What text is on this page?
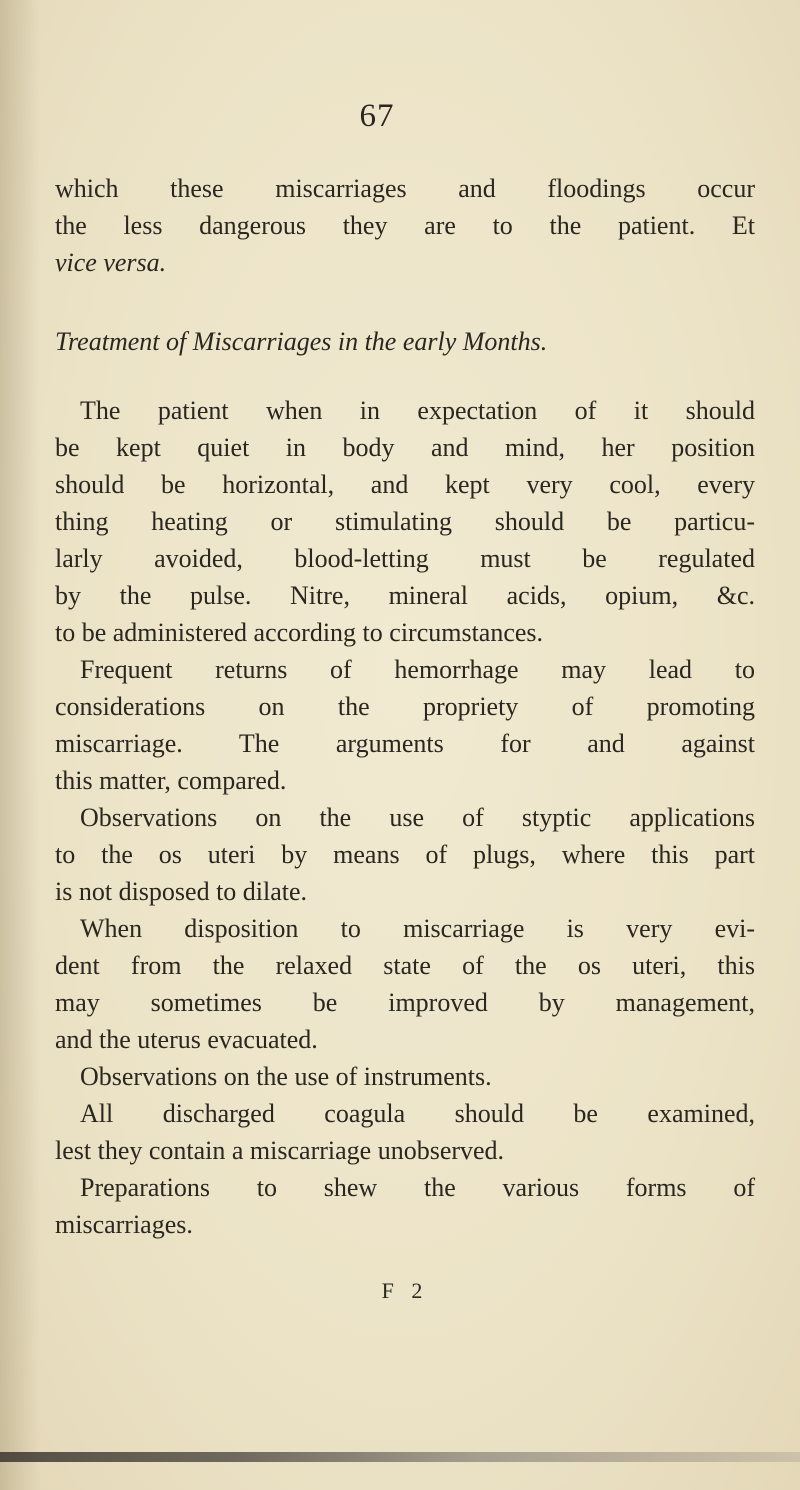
67
which these miscarriages and floodings occur
the less dangerous they are to the patient. Et
vice versa.
Treatment of Miscarriages in the early Months.
The patient when in expectation of it should
be kept quiet in body and mind, her position
should be horizontal, and kept very cool, every
thing heating or stimulating should be particu-
larly avoided, blood-letting must be regulated
by the pulse. Nitre, mineral acids, opium, &c.
to be administered according to circumstances.
Frequent returns of hemorrhage may lead to
considerations on the propriety of promoting
miscarriage. The arguments for and against
this matter, compared.
Observations on the use of styptic applications
to the os uteri by means of plugs, where this part
is not disposed to dilate.
When disposition to miscarriage is very evi-
dent from the relaxed state of the os uteri, this
may sometimes be improved by management,
and the uterus evacuated.
Observations on the use of instruments.
All discharged coagula should be examined,
lest they contain a miscarriage unobserved.
Preparations to shew the various forms of
miscarriages.
F 2
